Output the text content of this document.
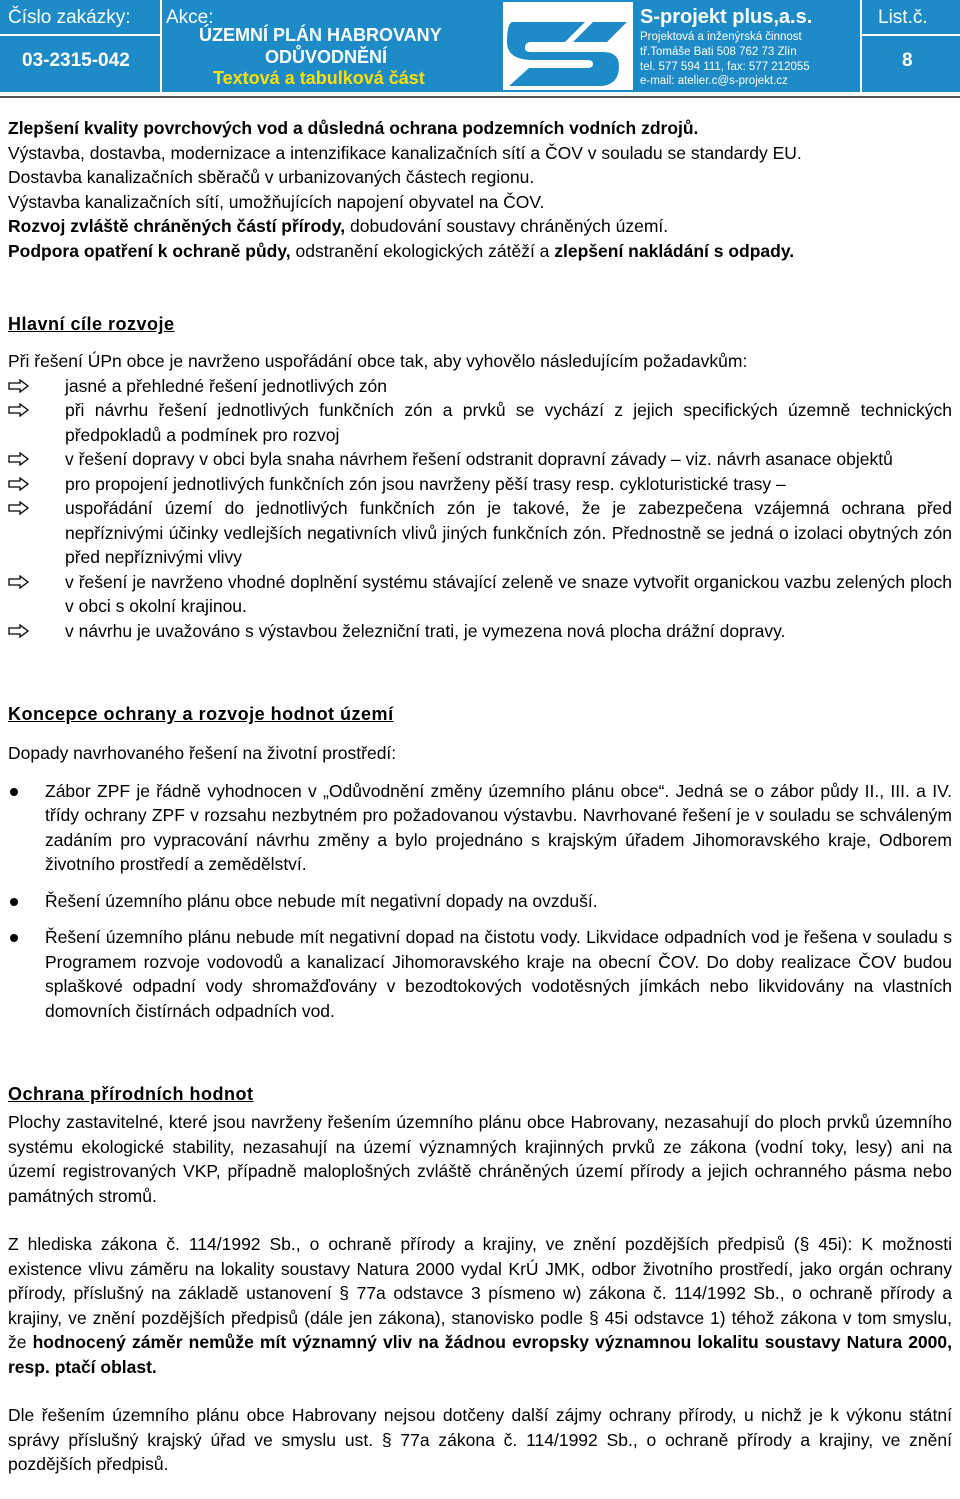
Číslo zakázky:
03-2315-042
Akce:
ÚZEMNÍ PLÁN HABROVANY
ODŮVODNĚNÍ
Textová a tabulková část
S-projekt plus,a.s.
Projektová a inženýrská činnost
tř.Tomáše Bati 508 762 73 Zlín
tel. 577 594 111, fax: 577 212055
e-mail: atelier.c@s-projekt.cz
List.č.
8

Zlepšení kvality povrchových vod a důsledná ochrana podzemních vodních zdrojů.

Výstavba, dostavba, modernizace a intenzifikace kanalizačních sítí a ČOV v souladu se standardy EU.

Dostavba kanalizačních sběračů v urbanizovaných částech regionu.

Výstavba kanalizačních sítí, umožňujících napojení obyvatel na ČOV.

Rozvoj zvláště chráněných částí přírody, dobudování soustavy chráněných území.

Podpora opatření k ochraně půdy, odstranění ekologických zátěží a zlepšení nakládání s odpady.

Hlavní cíle rozvoje

Při řešení ÚPn obce je navrženo uspořádání obce tak, aby vyhovělo následujícím požadavkům:

jasné a přehledné řešení jednotlivých zón
při návrhu řešení jednotlivých funkčních zón a prvků se vychází z jejich specifických územně technických předpokladů a podmínek pro rozvoj
v řešení dopravy v obci byla snaha návrhem řešení odstranit dopravní závady – viz. návrh asanace objektů
pro propojení jednotlivých funkčních zón jsou navrženy pěší trasy resp. cykloturistické trasy –
uspořádání území do jednotlivých funkčních zón je takové, že je zabezpečena vzájemná ochrana před nepříznivými účinky vedlejších negativních vlivů jiných funkčních zón. Přednostně se jedná o izolaci obytných zón před nepříznivými vlivy
v řešení je navrženo vhodné doplnění systému stávající zeleně ve snaze vytvořit organickou vazbu zelených ploch v obci s okolní krajinou.
v návrhu je uvažováno s výstavbou železniční trati, je vymezena nová plocha drážní dopravy.
Koncepce ochrany a rozvoje hodnot území

Dopady navrhovaného řešení na životní prostředí:

Zábor ZPF je řádně vyhodnocen v „Odůvodnění změny územního plánu obce“. Jedná se o zábor půdy II., III. a IV. třídy ochrany ZPF v rozsahu nezbytném pro požadovanou výstavbu. Navrhované řešení je v souladu se schváleným zadáním pro vypracování návrhu změny a bylo projednáno s krajským úřadem Jihomoravského kraje, Odborem životního prostředí a zemědělství.
Řešení územního plánu obce nebude mít negativní dopady na ovzduší.
Řešení územního plánu nebude mít negativní dopad na čistotu vody. Likvidace odpadních vod je řešena v souladu s Programem rozvoje vodovodů a kanalizací Jihomoravského kraje na obecní ČOV. Do doby realizace ČOV budou splaškové odpadní vody shromažďovány v bezodtokových vodotěsných jímkách nebo likvidovány na vlastních domovních čistírnách odpadních vod.
Ochrana přírodních hodnot

Plochy zastavitelné, které jsou navrženy řešením územního plánu obce Habrovany, nezasahují do ploch prvků územního systému ekologické stability, nezasahují na území významných krajinných prvků ze zákona (vodní toky, lesy) ani na území registrovaných VKP, případně maloplošných zvláště chráněných území přírody a jejich ochranného pásma nebo památných stromů.

Z hlediska zákona č. 114/1992 Sb., o ochraně přírody a krajiny, ve znění pozdějších předpisů (§ 45i): K možnosti existence vlivu záměru na lokality soustavy Natura 2000 vydal KrÚ JMK, odbor životního prostředí, jako orgán ochrany přírody, příslušný na základě ustanovení § 77a odstavce 3 písmeno w) zákona č. 114/1992 Sb., o ochraně přírody a krajiny, ve znění pozdějších předpisů (dále jen zákona), stanovisko podle § 45i odstavce 1) téhož zákona v tom smyslu, že hodnocený záměr nemůže mít významný vliv na žádnou evropsky významnou lokalitu soustavy Natura 2000, resp. ptačí oblast.

Dle řešením územního plánu obce Habrovany nejsou dotčeny další zájmy ochrany přírody, u nichž je k výkonu státní správy příslušný krajský úřad ve smyslu ust. § 77a zákona č. 114/1992 Sb., o ochraně přírody a krajiny, ve znění pozdějších předpisů.
